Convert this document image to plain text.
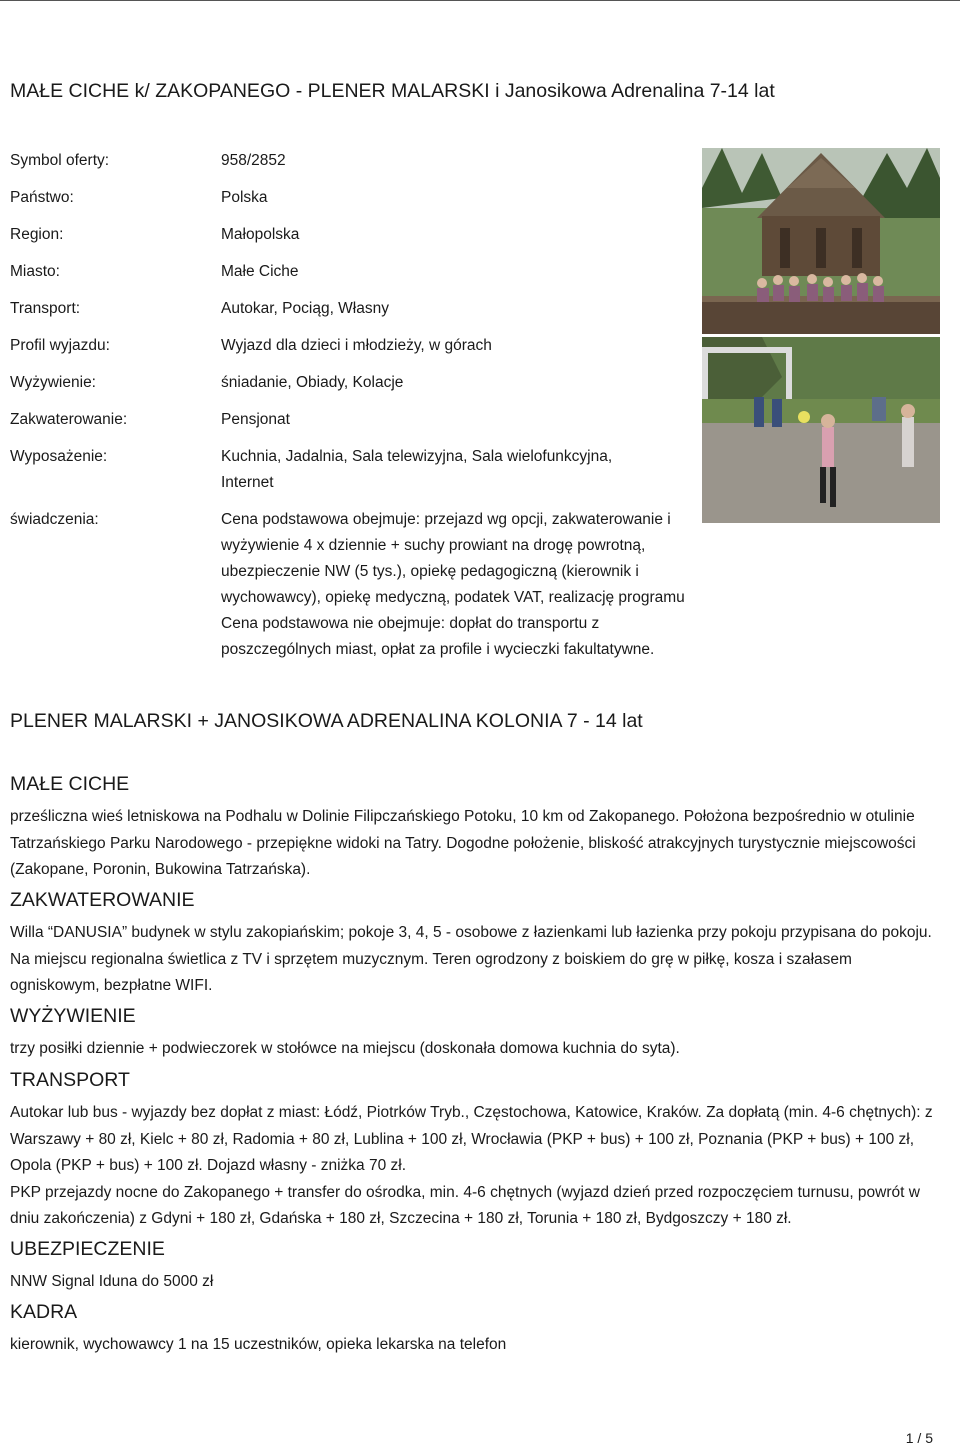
MAŁE CICHE k/ ZAKOPANEGO - PLENER MALARSKI i Janosikowa Adrenalina 7-14 lat
Symbol oferty:	958/2852
Państwo:	Polska
Region:	Małopolska
Miasto:	Małe Ciche
Transport:	Autokar, Pociąg, Własny
Profil wyjazdu:	Wyjazd dla dzieci i młodzieży, w górach
Wyżywienie:	śniadanie, Obiady, Kolacje
Zakwaterowanie:	Pensjonat
Wyposażenie:	Kuchnia, Jadalnia, Sala telewizyjna, Sala wielofunkcyjna, Internet
świadczenia:	Cena podstawowa obejmuje: przejazd wg opcji, zakwaterowanie i wyżywienie 4 x dziennie + suchy prowiant na drogę powrotną, ubezpieczenie NW (5 tys.), opiekę pedagogiczną (kierownik i wychowawcy), opiekę medyczną, podatek VAT, realizację programu
Cena podstawowa nie obejmuje: dopłat do transportu z poszczególnych miast, opłat za profile i wycieczki fakultatywne.
PLENER MALARSKI + JANOSIKOWA ADRENALINA KOLONIA 7 - 14 lat
MAŁE CICHE
prześliczna wieś letniskowa na Podhalu w Dolinie Filipczańskiego Potoku, 10 km od Zakopanego. Położona bezpośrednio w otulinie Tatrzańskiego Parku Narodowego - przepiękne widoki na Tatry. Dogodne położenie, bliskość atrakcyjnych turystycznie miejscowości (Zakopane, Poronin, Bukowina Tatrzańska).
ZAKWATEROWANIE
Willa “DANUSIA” budynek w stylu zakopiańskim; pokoje 3, 4, 5 - osobowe z łazienkami lub łazienka przy pokoju przypisana do pokoju. Na miejscu regionalna świetlica z TV i sprzętem muzycznym. Teren ogrodzony z boiskiem do grę w piłkę, kosza i szałasem ogniskowym, bezpłatne WIFI.
WYŻYWIENIE
trzy posiłki dziennie + podwieczorek w stołówce na miejscu (doskonała domowa kuchnia do syta).
TRANSPORT
Autokar lub bus - wyjazdy bez dopłat z miast: Łódź, Piotrków Tryb., Częstochowa, Katowice, Kraków. Za dopłatą (min. 4-6 chętnych): z Warszawy + 80 zł, Kielc + 80 zł, Radomia + 80 zł, Lublina + 100 zł, Wrocławia (PKP + bus) + 100 zł, Poznania (PKP + bus) + 100 zł, Opola (PKP + bus) + 100 zł. Dojazd własny - zniżka 70 zł.
PKP przejazdy nocne do Zakopanego + transfer do ośrodka, min. 4-6 chętnych (wyjazd dzień przed rozpoczęciem turnusu, powrót w dniu zakończenia) z Gdyni + 180 zł, Gdańska + 180 zł, Szczecina + 180 zł, Torunia + 180 zł, Bydgoszczy + 180 zł.
UBEZPIECZENIE
NNW Signal Iduna do 5000 zł
KADRA
kierownik, wychowawcy 1 na 15 uczestników, opieka lekarska na telefon
1 / 5
